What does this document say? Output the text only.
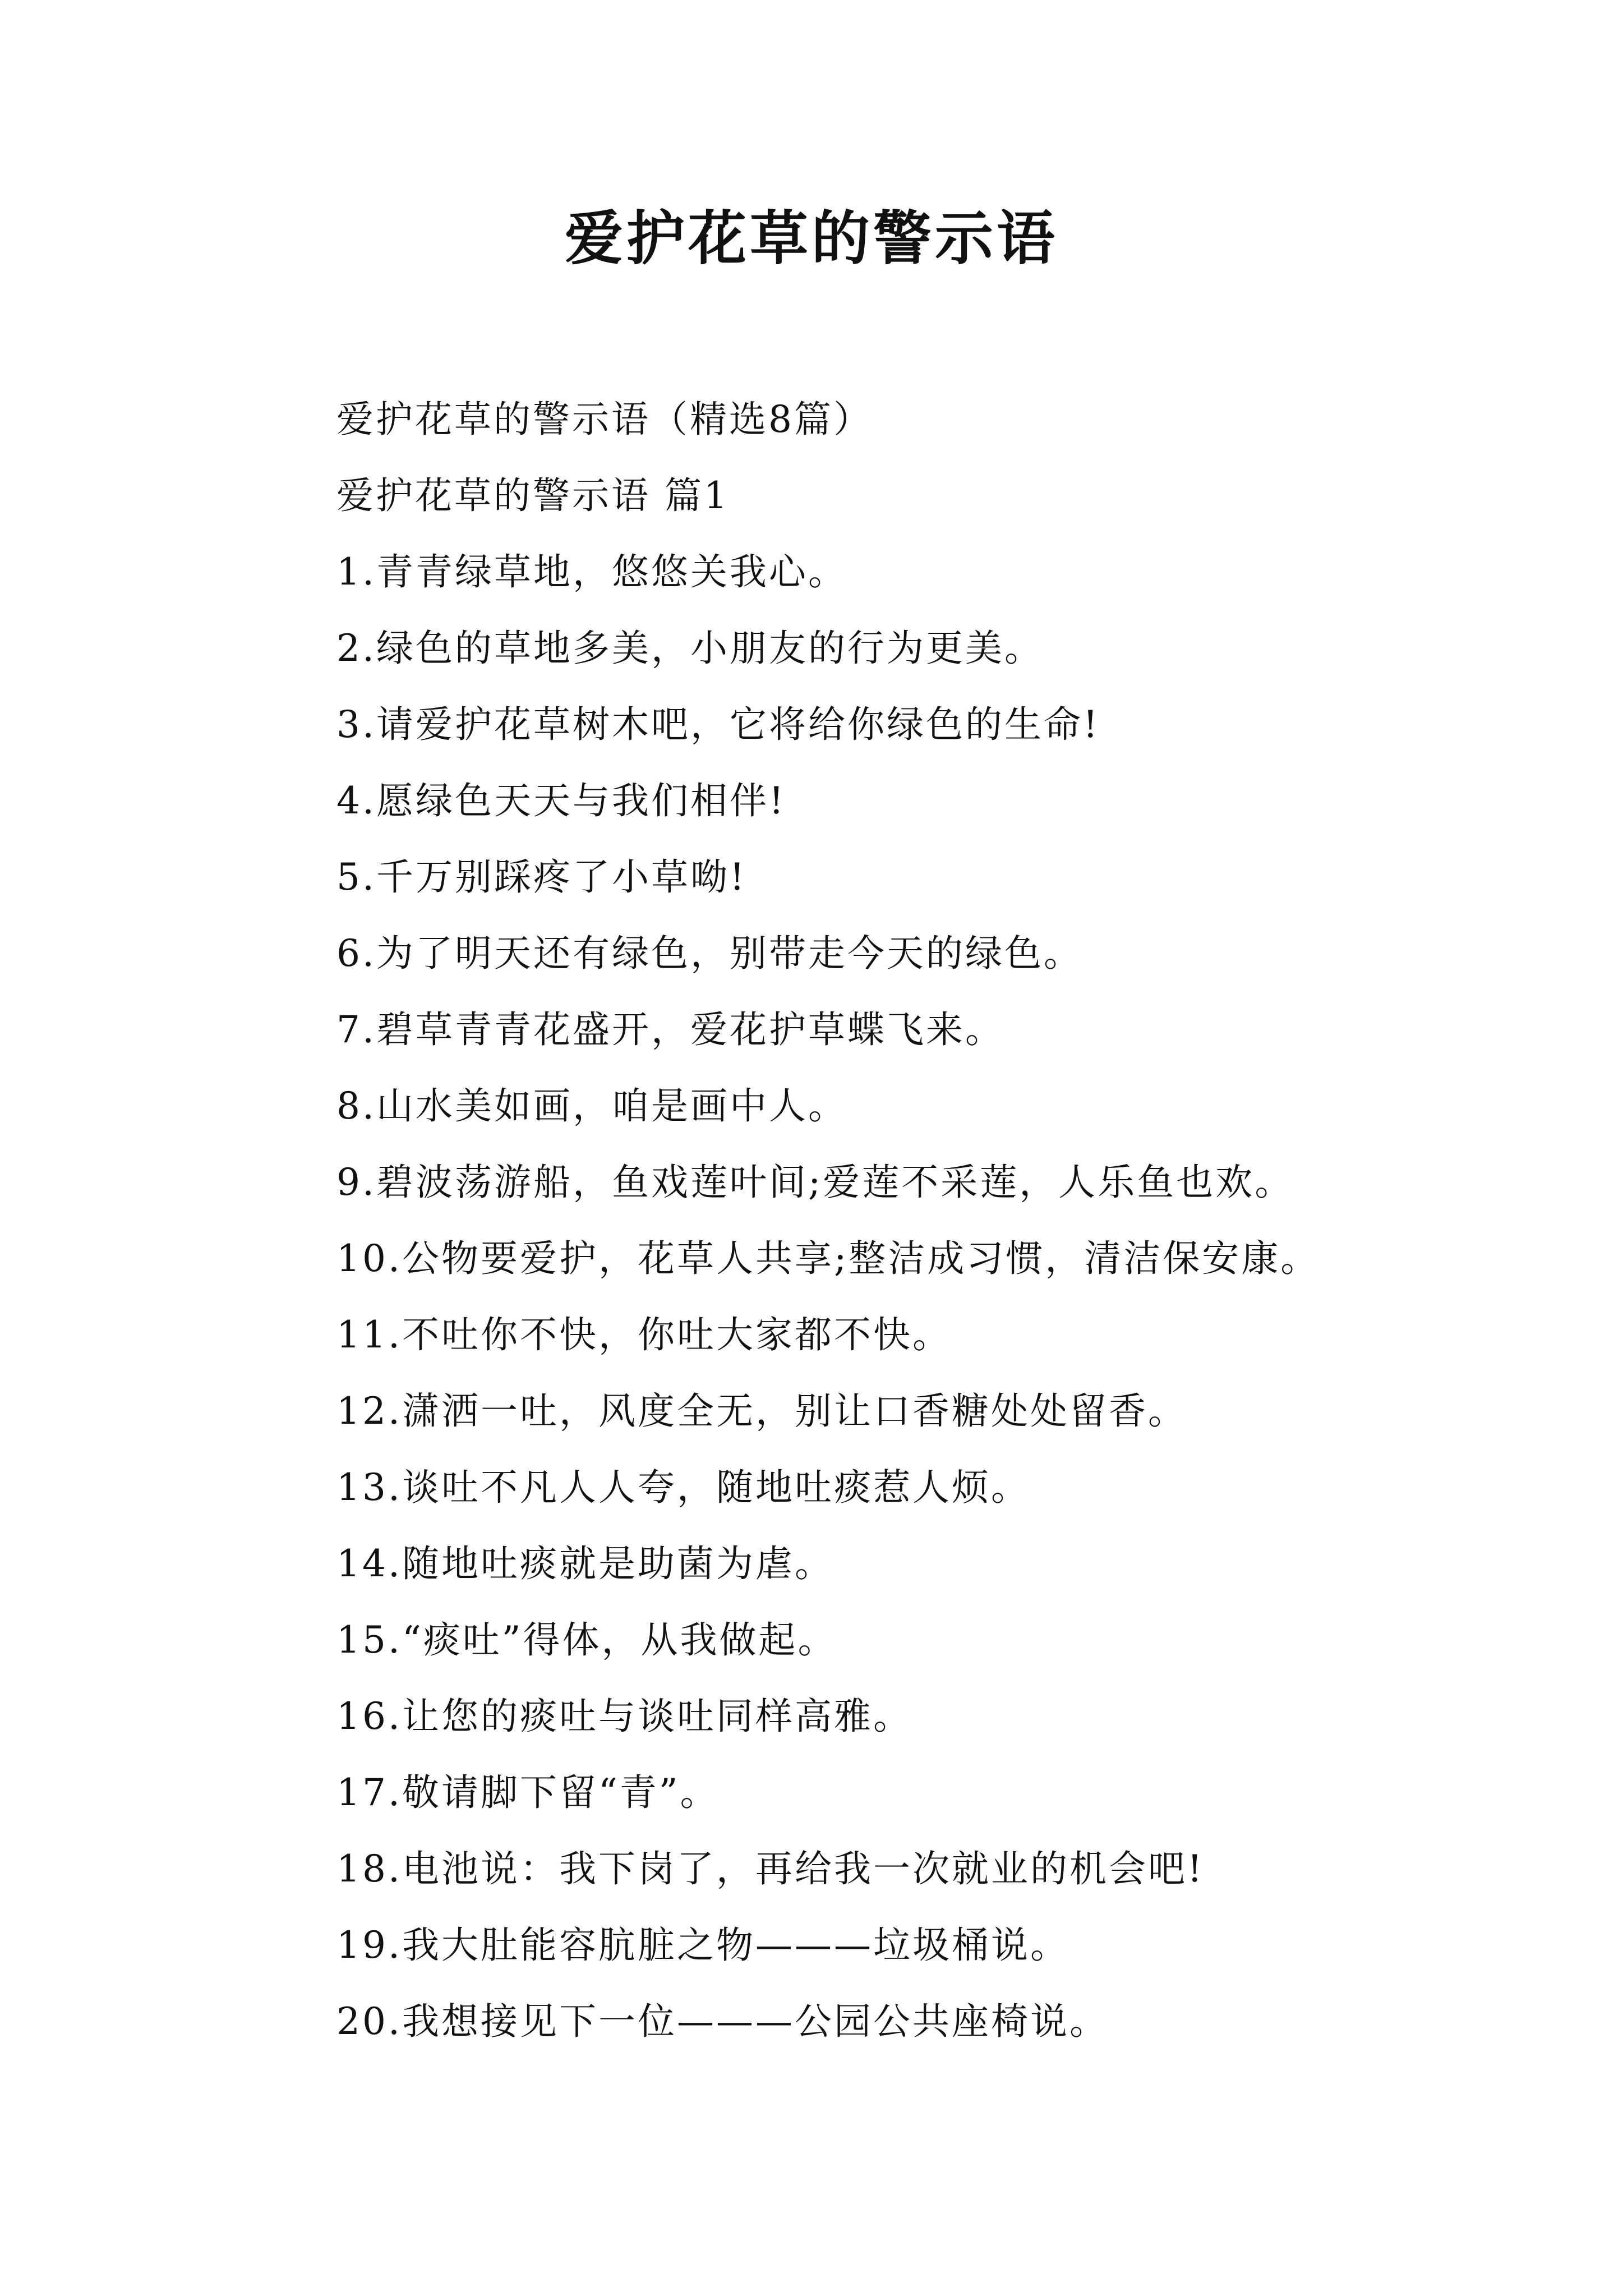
爱护花草的警示语
爱护花草的警示语（精选8篇）
爱护花草的警示语 篇1
1.青青绿草地，悠悠关我心。
2.绿色的草地多美，小朋友的行为更美。
3.请爱护花草树木吧，它将给你绿色的生命!
4.愿绿色天天与我们相伴!
5.千万别踩疼了小草呦!
6.为了明天还有绿色，别带走今天的绿色。
7.碧草青青花盛开，爱花护草蝶飞来。
8.山水美如画，咱是画中人。
9.碧波荡游船，鱼戏莲叶间;爱莲不采莲，人乐鱼也欢。
10.公物要爱护，花草人共享;整洁成习惯，清洁保安康。
11.不吐你不快，你吐大家都不快。
12.潇洒一吐，风度全无，别让口香糖处处留香。
13.谈吐不凡人人夸，随地吐痰惹人烦。
14.随地吐痰就是助菌为虐。
15.“痰吐”得体，从我做起。
16.让您的痰吐与谈吐同样高雅。
17.敬请脚下留“青”。
18.电池说：我下岗了，再给我一次就业的机会吧!
19.我大肚能容肮脏之物———垃圾桶说。
20.我想接见下一位———公园公共座椅说。
